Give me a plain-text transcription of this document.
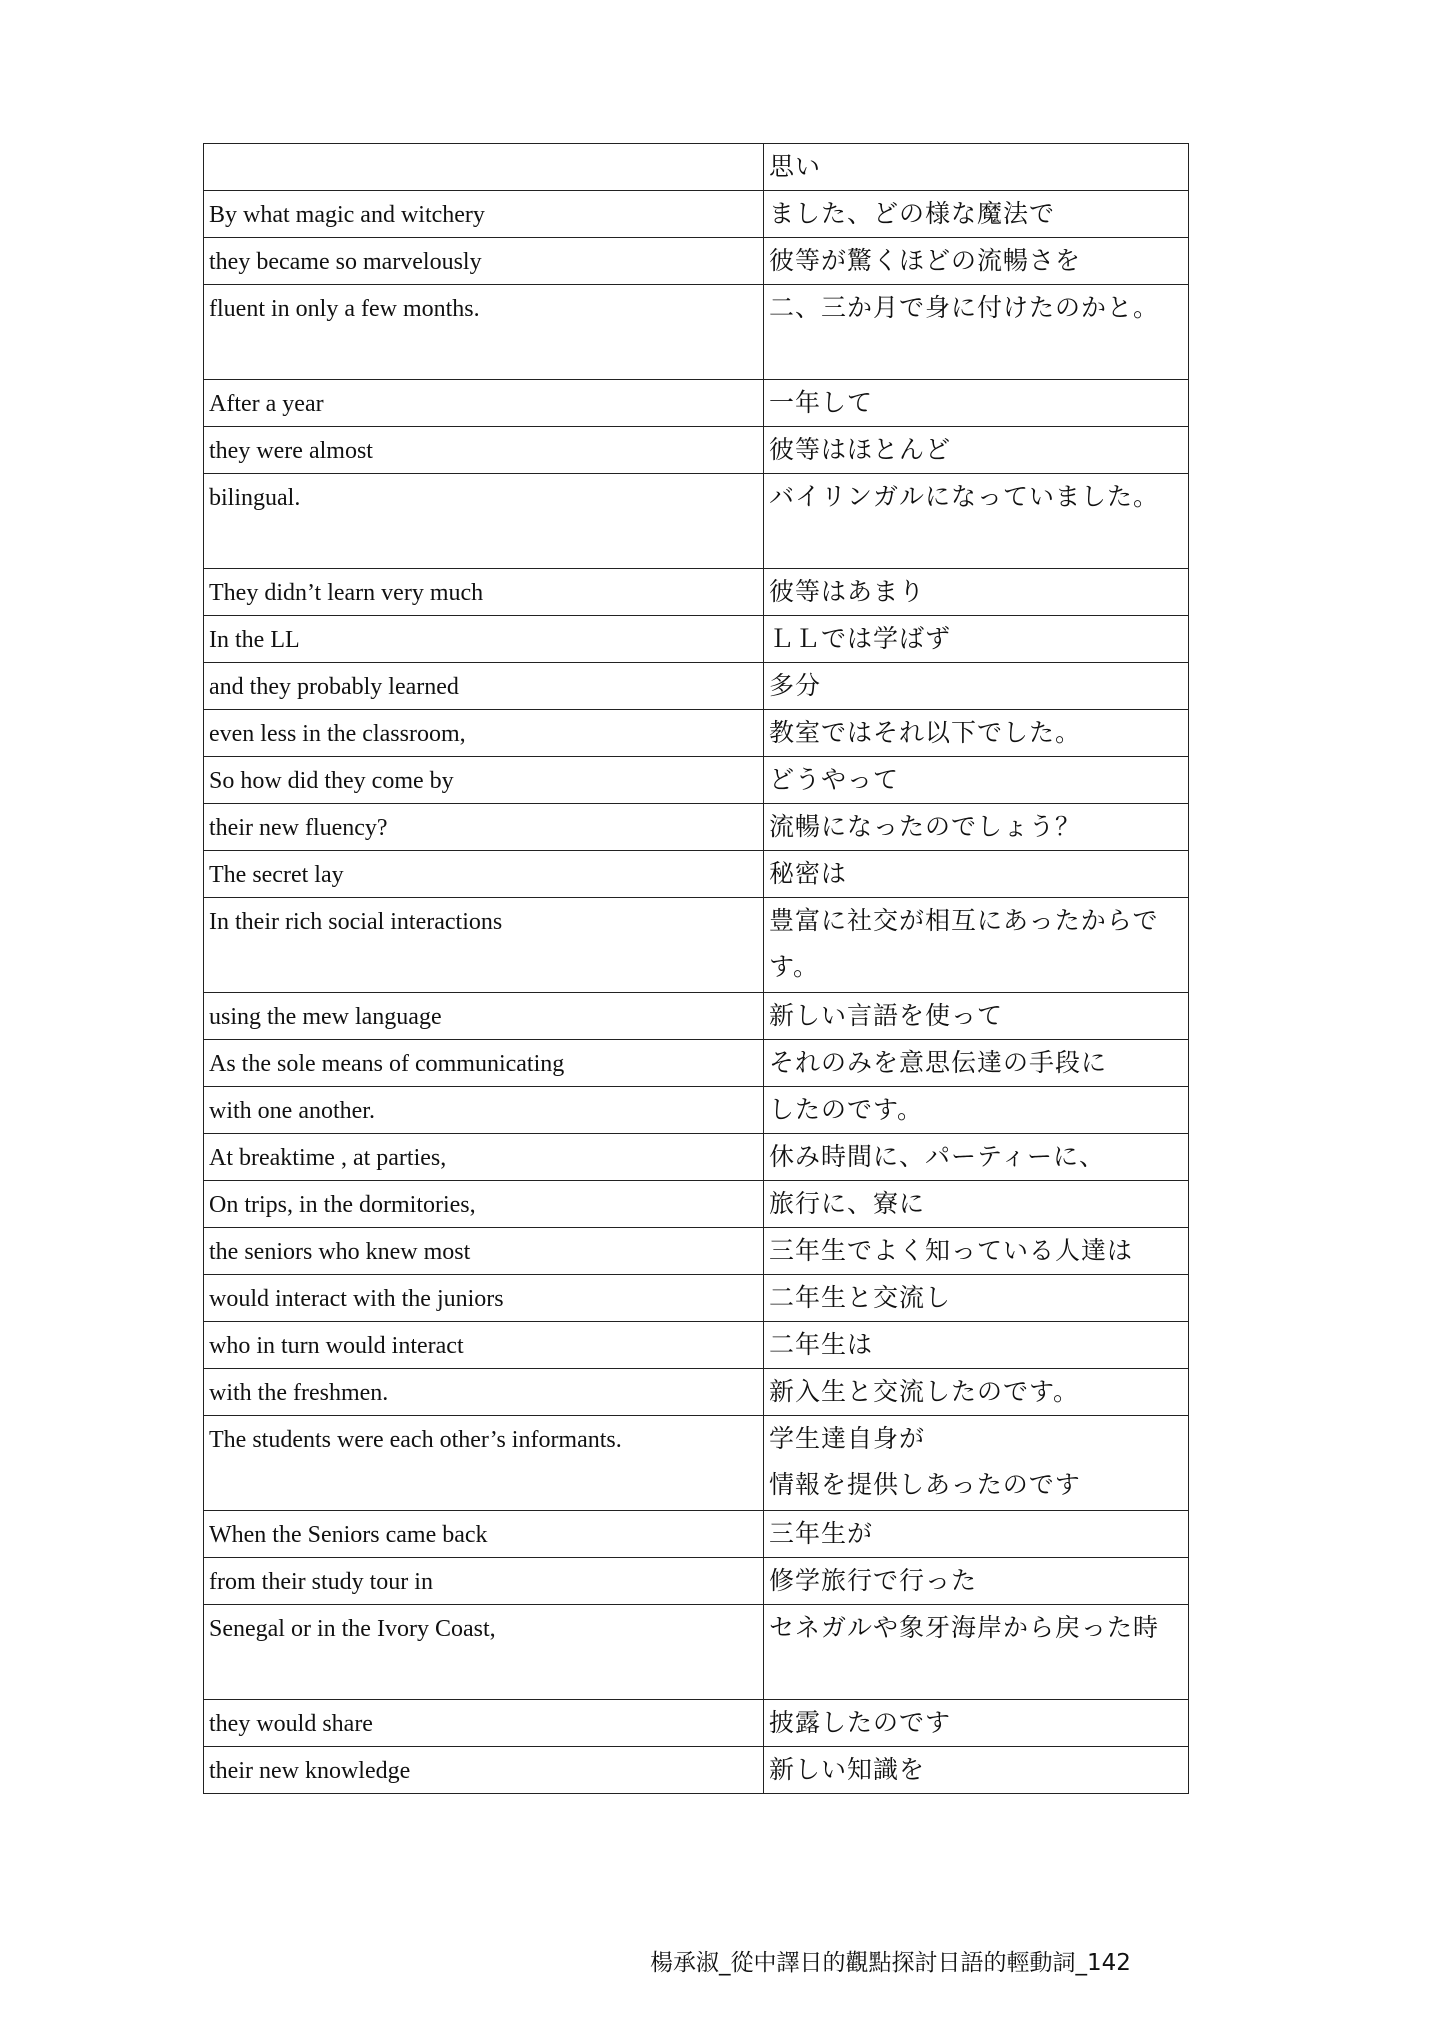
	思い
By what magic and witchery	ました、どの様な魔法で
they became so marvelously	彼等が驚くほどの流暢さを
fluent in only a few months.	二、三か月で身に付けたのかと。
After a year	一年して
they were almost	彼等はほとんど
bilingual.	バイリンガルになっていました。
They didn’t learn very much	彼等はあまり
In the LL	ＬＬでは学ばず
and they probably learned	多分
even less in the classroom,	教室ではそれ以下でした。
So how did they come by	どうやって
their new fluency?	流暢になったのでしょう？
The secret lay	秘密は
In their rich social interactions	豊富に社交が相互にあったからです。
using the mew language	新しい言語を使って
As the sole means of communicating	それのみを意思伝達の手段に
with one another.	したのです。
At breaktime , at parties,	休み時間に、パーティーに、
On trips, in the dormitories,	旅行に、寮に
the seniors who knew most	三年生でよく知っている人達は
would interact with the juniors	二年生と交流し
who in turn would interact	二年生は
with the freshmen.	新入生と交流したのです。
The students were each other’s informants.	学生達自身が
情報を提供しあったのです
When the Seniors came back	三年生が
from their study tour in	修学旅行で行った
Senegal or in the Ivory Coast,	セネガルや象牙海岸から戻った時
they would share	披露したのです
their new knowledge	新しい知識を
楊承淑_從中譯日的觀點探討日語的輕動詞_142
